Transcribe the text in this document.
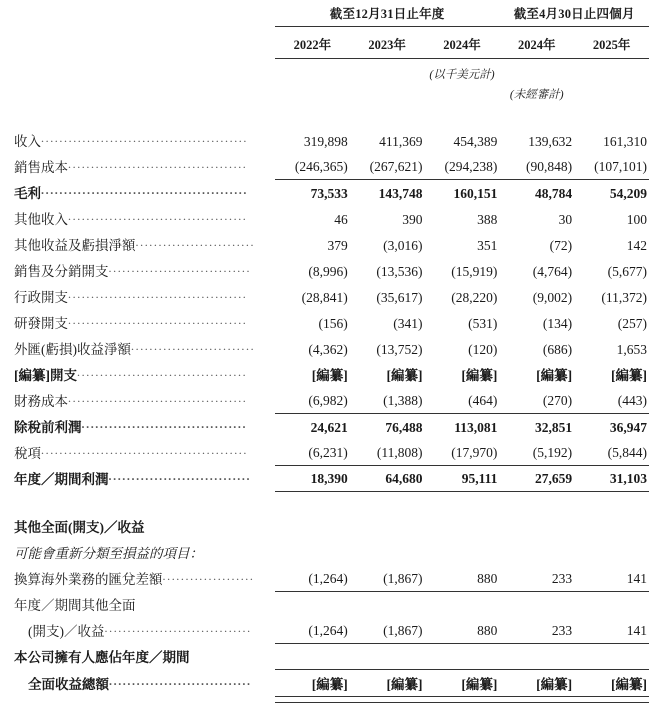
	截至12月31日止年度			截至4月30日止四個月	

	2022年	2023年	2024年	2024年	2025年

			(以千美元計)		
				(未經審計)	

收入.............................................	319,898	411,369	454,389	139,632	161,310
銷售成本.......................................	(246,365)	(267,621)	(294,238)	(90,848)	(107,101)
毛利.............................................	73,533	143,748	160,151	48,784	54,209
其他收入.......................................	46	390	388	30	100
其他收益及虧損淨額..........................	379	(3,016)	351	(72)	142
銷售及分銷開支...............................	(8,996)	(13,536)	(15,919)	(4,764)	(5,677)
行政開支.......................................	(28,841)	(35,617)	(28,220)	(9,002)	(11,372)
研發開支.......................................	(156)	(341)	(531)	(134)	(257)
外匯(虧損)收益淨額...........................	(4,362)	(13,752)	(120)	(686)	1,653
[編纂]開支.....................................	[編纂]	[編纂]	[編纂]	[編纂]	[編纂]
財務成本.......................................	(6,982)	(1,388)	(464)	(270)	(443)
除稅前利潤....................................	24,621	76,488	113,081	32,851	36,947
稅項.............................................	(6,231)	(11,808)	(17,970)	(5,192)	(5,844)
年度／期間利潤...............................	18,390	64,680	95,111	27,659	31,103

其他全面(開支)／收益					
可能會重新分類至損益的項目：					
換算海外業務的匯兌差額....................	(1,264)	(1,867)	880	233	141
年度／期間其他全面					
(開支)／收益................................	(1,264)	(1,867)	880	233	141
本公司擁有人應佔年度／期間					
全面收益總額...............................	[編纂]	[編纂]	[編纂]	[編纂]	[編纂]
